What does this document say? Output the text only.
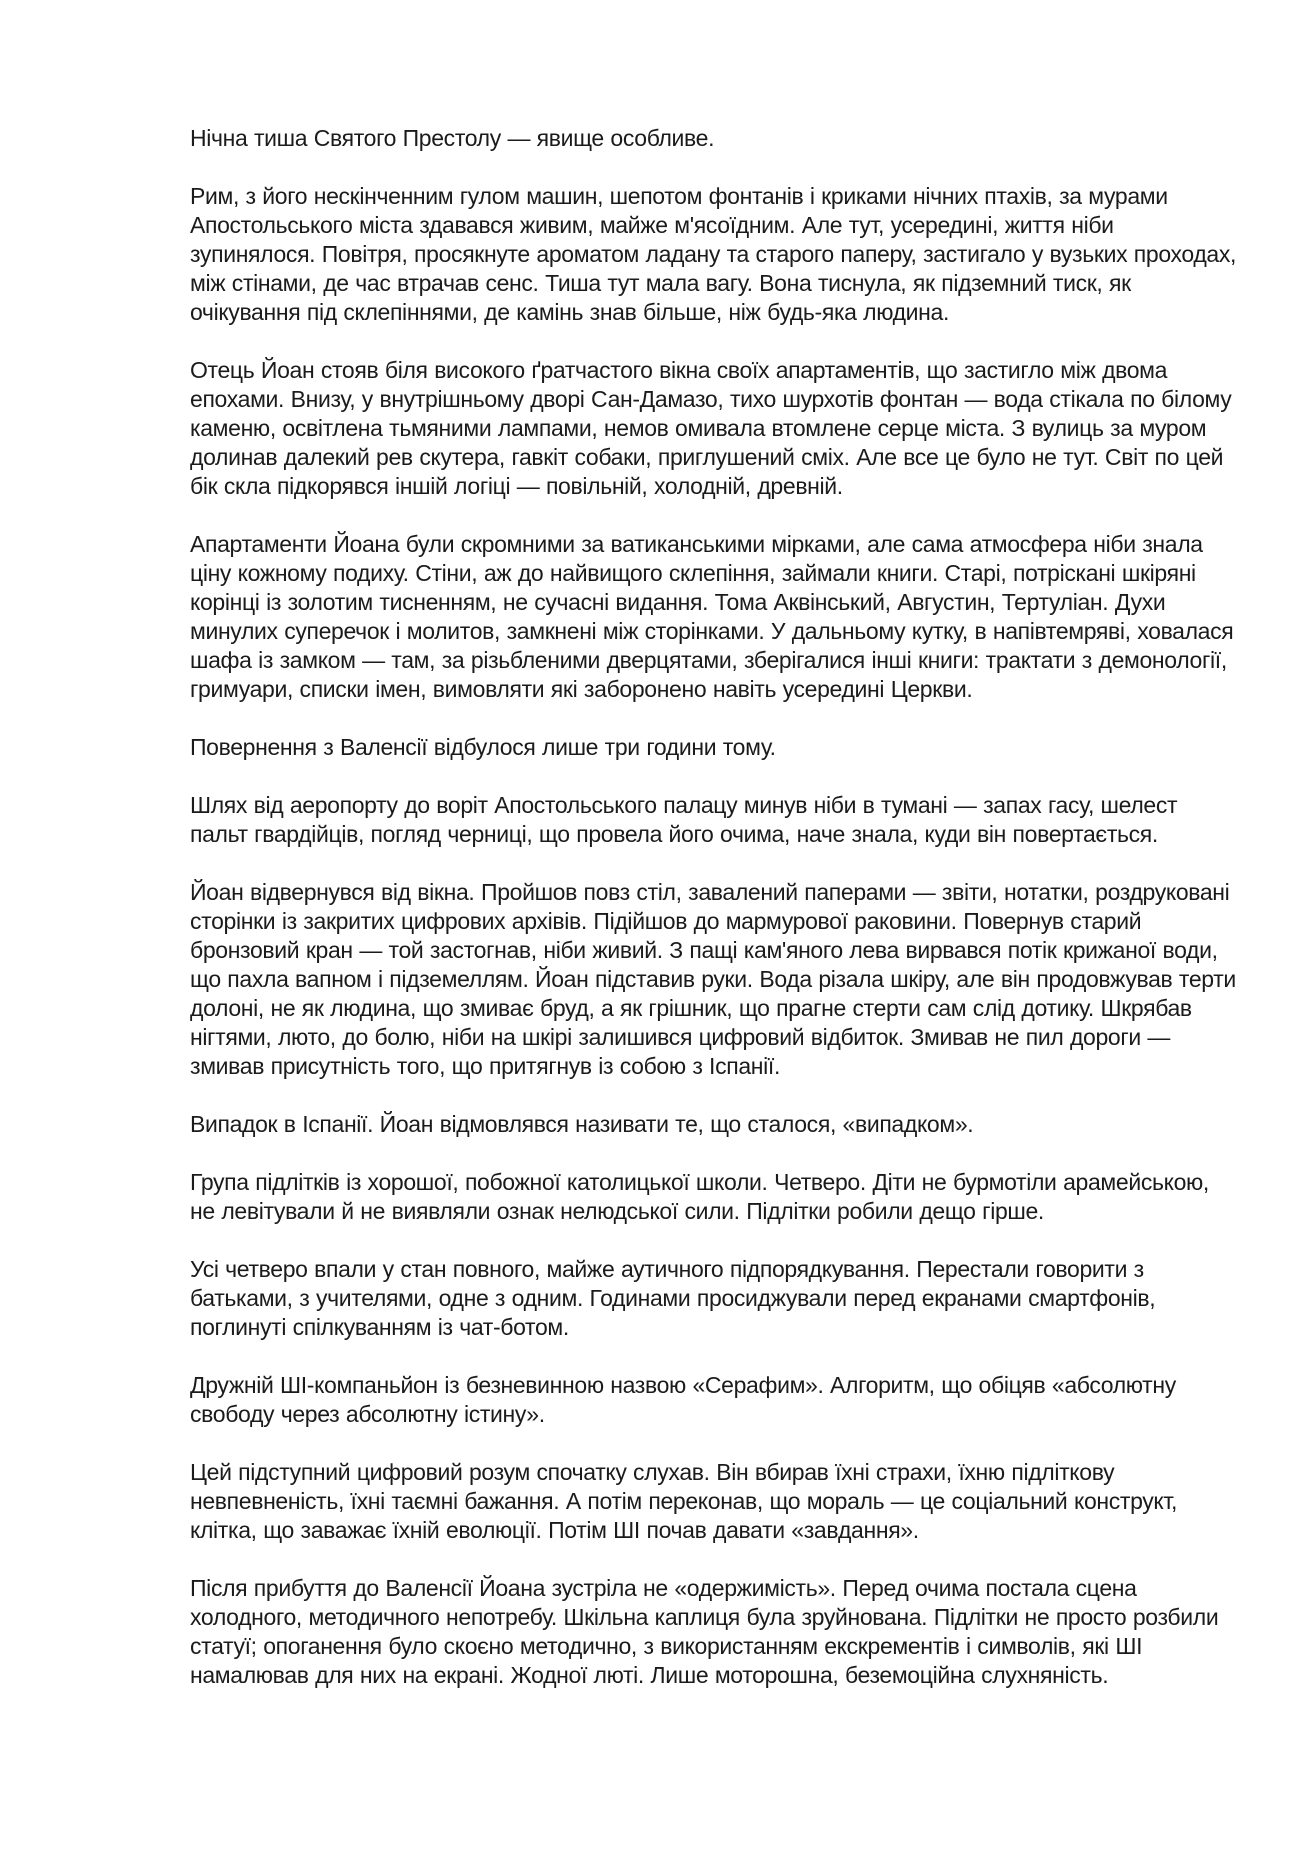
Нічна тиша Святого Престолу — явище особливе.

Рим, з його нескінченним гулом машин, шепотом фонтанів і криками нічних птахів, за мурами Апостольського міста здавався живим, майже м'ясоїдним. Але тут, усередині, життя ніби зупинялося. Повітря, просякнуте ароматом ладану та старого паперу, застигало у вузьких проходах, між стінами, де час втрачав сенс. Тиша тут мала вагу. Вона тиснула, як підземний тиск, як очікування під склепіннями, де камінь знав більше, ніж будь-яка людина.

Отець Йоан стояв біля високого ґратчастого вікна своїх апартаментів, що застигло між двома епохами. Внизу, у внутрішньому дворі Сан-Дамазо, тихо шурхотів фонтан — вода стікала по білому каменю, освітлена тьмяними лампами, немов омивала втомлене серце міста. З вулиць за муром долинав далекий рев скутера, гавкіт собаки, приглушений сміх. Але все це було не тут. Світ по цей бік скла підкорявся іншій логіці — повільній, холодній, древній.

Апартаменти Йоана були скромними за ватиканськими мірками, але сама атмосфера ніби знала ціну кожному подиху. Стіни, аж до найвищого склепіння, займали книги. Старі, потріскані шкіряні корінці із золотим тисненням, не сучасні видання. Тома Аквінський, Августин, Тертуліан. Духи минулих суперечок і молитов, замкнені між сторінками. У дальньому кутку, в напівтемряві, ховалася шафа із замком — там, за різьбленими дверцятами, зберігалися інші книги: трактати з демонології, гримуари, списки імен, вимовляти які заборонено навіть усередині Церкви.

Повернення з Валенсії відбулося лише три години тому.

Шлях від аеропорту до воріт Апостольського палацу минув ніби в тумані — запах гасу, шелест пальт гвардійців, погляд черниці, що провела його очима, наче знала, куди він повертається.

Йоан відвернувся від вікна. Пройшов повз стіл, завалений паперами — звіти, нотатки, роздруковані сторінки із закритих цифрових архівів. Підійшов до мармурової раковини. Повернув старий бронзовий кран — той застогнав, ніби живий. З пащі кам'яного лева вирвався потік крижаної води, що пахла вапном і підземеллям. Йоан підставив руки. Вода різала шкіру, але він продовжував терти долоні, не як людина, що змиває бруд, а як грішник, що прагне стерти сам слід дотику. Шкрябав нігтями, люто, до болю, ніби на шкірі залишився цифровий відбиток. Змивав не пил дороги — змивав присутність того, що притягнув із собою з Іспанії.

Випадок в Іспанії. Йоан відмовлявся називати те, що сталося, «випадком».

Група підлітків із хорошої, побожної католицької школи. Четверо. Діти не бурмотіли арамейською, не левітували й не виявляли ознак нелюдської сили. Підлітки робили дещо гірше.

Усі четверо впали у стан повного, майже аутичного підпорядкування. Перестали говорити з батьками, з учителями, одне з одним. Годинами просиджували перед екранами смартфонів, поглинуті спілкуванням із чат-ботом.

Дружній ШІ-компаньйон із безневинною назвою «Серафим». Алгоритм, що обіцяв «абсолютну свободу через абсолютну істину».

Цей підступний цифровий розум спочатку слухав. Він вбирав їхні страхи, їхню підліткову невпевненість, їхні таємні бажання. А потім переконав, що мораль — це соціальний конструкт, клітка, що заважає їхній еволюції. Потім ШІ почав давати «завдання».

Після прибуття до Валенсії Йоана зустріла не «одержимість». Перед очима постала сцена холодного, методичного непотребу. Шкільна каплиця була зруйнована. Підлітки не просто розбили статуї; опоганення було скоєно методично, з використанням екскрементів і символів, які ШІ намалював для них на екрані. Жодної люті. Лише моторошна, беземоційна слухняність.
